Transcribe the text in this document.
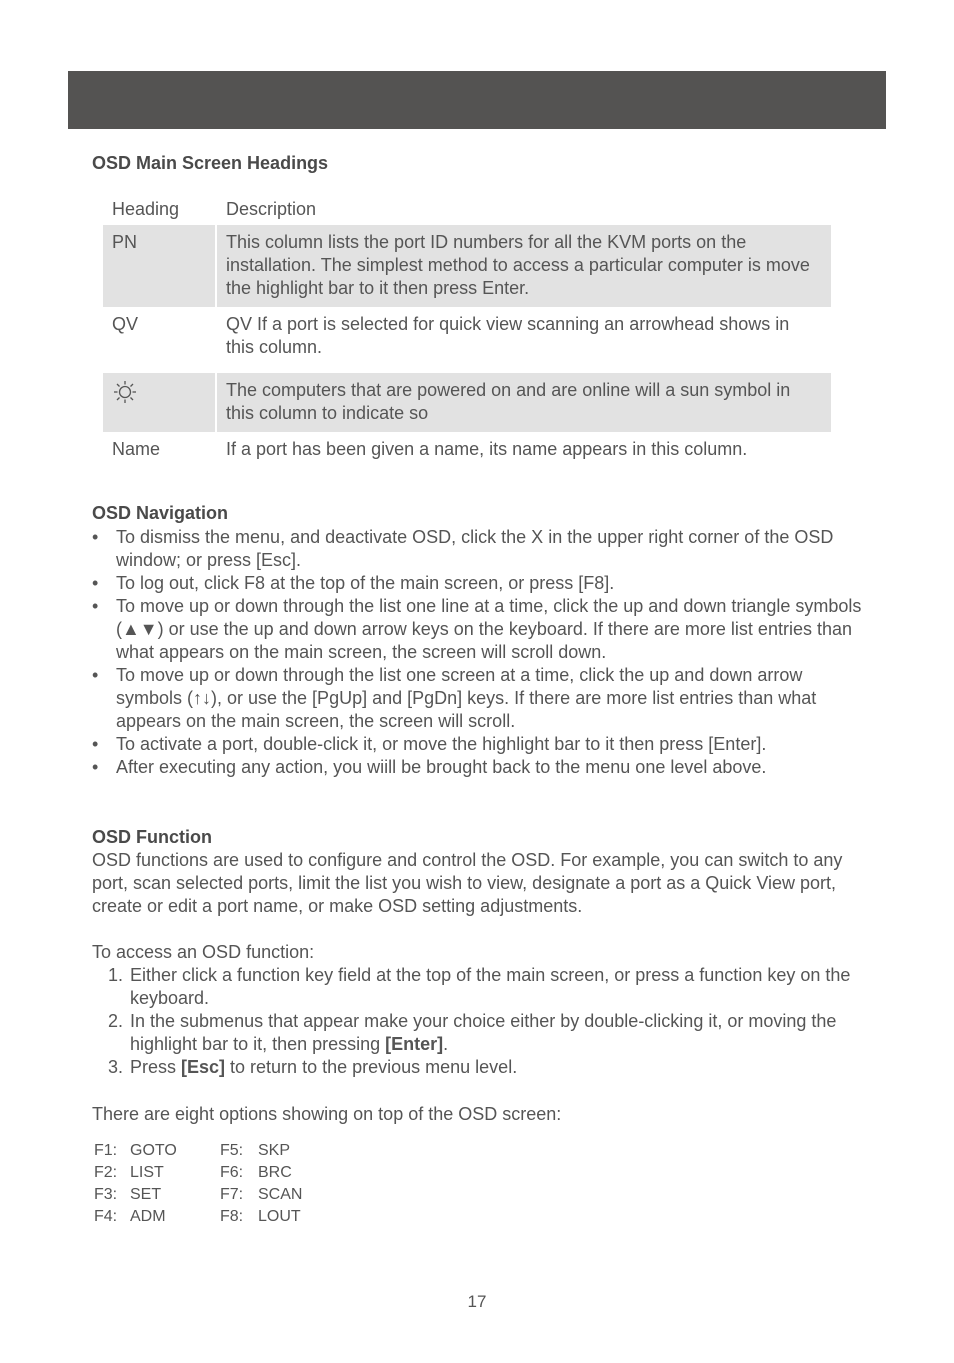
OSD Main Screen Headings
Heading	Description
PN	This column lists the port ID numbers for all the KVM ports on the installation. The simplest method to access a particular computer is move the highlight bar to it then press Enter.
QV	QV If a port is selected for quick view scanning an arrowhead shows in this column.

	The computers that are powered on and are online will a sun symbol in this column to indicate so
Name	If a port has been given a name, its name appears in this column.
OSD Navigation
• To dismiss the menu, and deactivate OSD, click the X in the upper right corner of the OSD window; or press [Esc].
• To log out, click F8 at the top of the main screen, or press [F8].
• To move up or down through the list one line at a time, click the up and down triangle symbols (▲▼) or use the up and down arrow keys on the keyboard. If there are more list entries than what appears on the main screen, the screen will scroll down.
• To move up or down through the list one screen at a time, click the up and down arrow symbols (↑↓), or use the [PgUp] and [PgDn] keys. If there are more list entries than what appears on the main screen, the screen will scroll.
• To activate a port, double-click it, or move the highlight bar to it then press [Enter].
• After executing any action, you wiill be brought back to the menu one level above.
OSD Function

OSD functions are used to configure and control the OSD. For example, you can switch to any port, scan selected ports, limit the list you wish to view, designate a port as a Quick View port, create or edit a port name, or make OSD setting adjustments.

To access an OSD function:

1. Either click a function key field at the top of the main screen, or press a function key on the keyboard.
2. In the submenus that appear make your choice either by double-clicking it, or moving the highlight bar to it, then pressing [Enter].
3. Press [Esc] to return to the previous menu level.

There are eight options showing on top of the OSD screen:

F1: GOTO	F5: SKP
F2: LIST	F6: BRC
F3: SET	F7: SCAN
F4: ADM	F8: LOUT
17
